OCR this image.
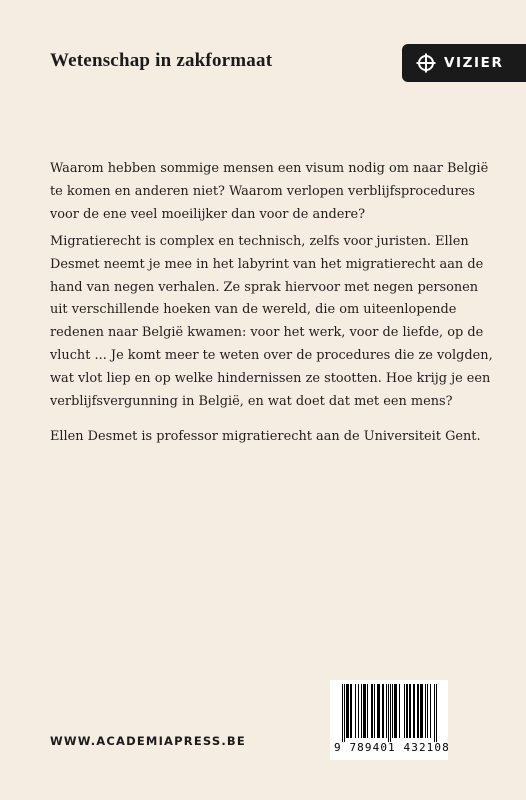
Wetenschap in zakformaat	VIZIER
Waarom hebben sommige mensen een visum nodig om naar België
te komen en anderen niet? Waarom verlopen verblijfsprocedures
voor de ene veel moeilijker dan voor de andere?
Migratierecht is complex en technisch, zelfs voor juristen. Ellen
Desmet neemt je mee in het labyrint van het migratierecht aan de
hand van negen verhalen. Ze sprak hiervoor met negen personen
uit verschillende hoeken van de wereld, die om uiteenlopende
redenen naar België kwamen: voor het werk, voor de liefde, op de
vlucht ... Je komt meer te weten over de procedures die ze volgden,
wat vlot liep en op welke hindernissen ze stootten. Hoe krijg je een
verblijfsvergunning in België, en wat doet dat met een mens?
Ellen Desmet is professor migratierecht aan de Universiteit Gent.
WWW.ACADEMIAPRESS.BE	9 789401 432108
